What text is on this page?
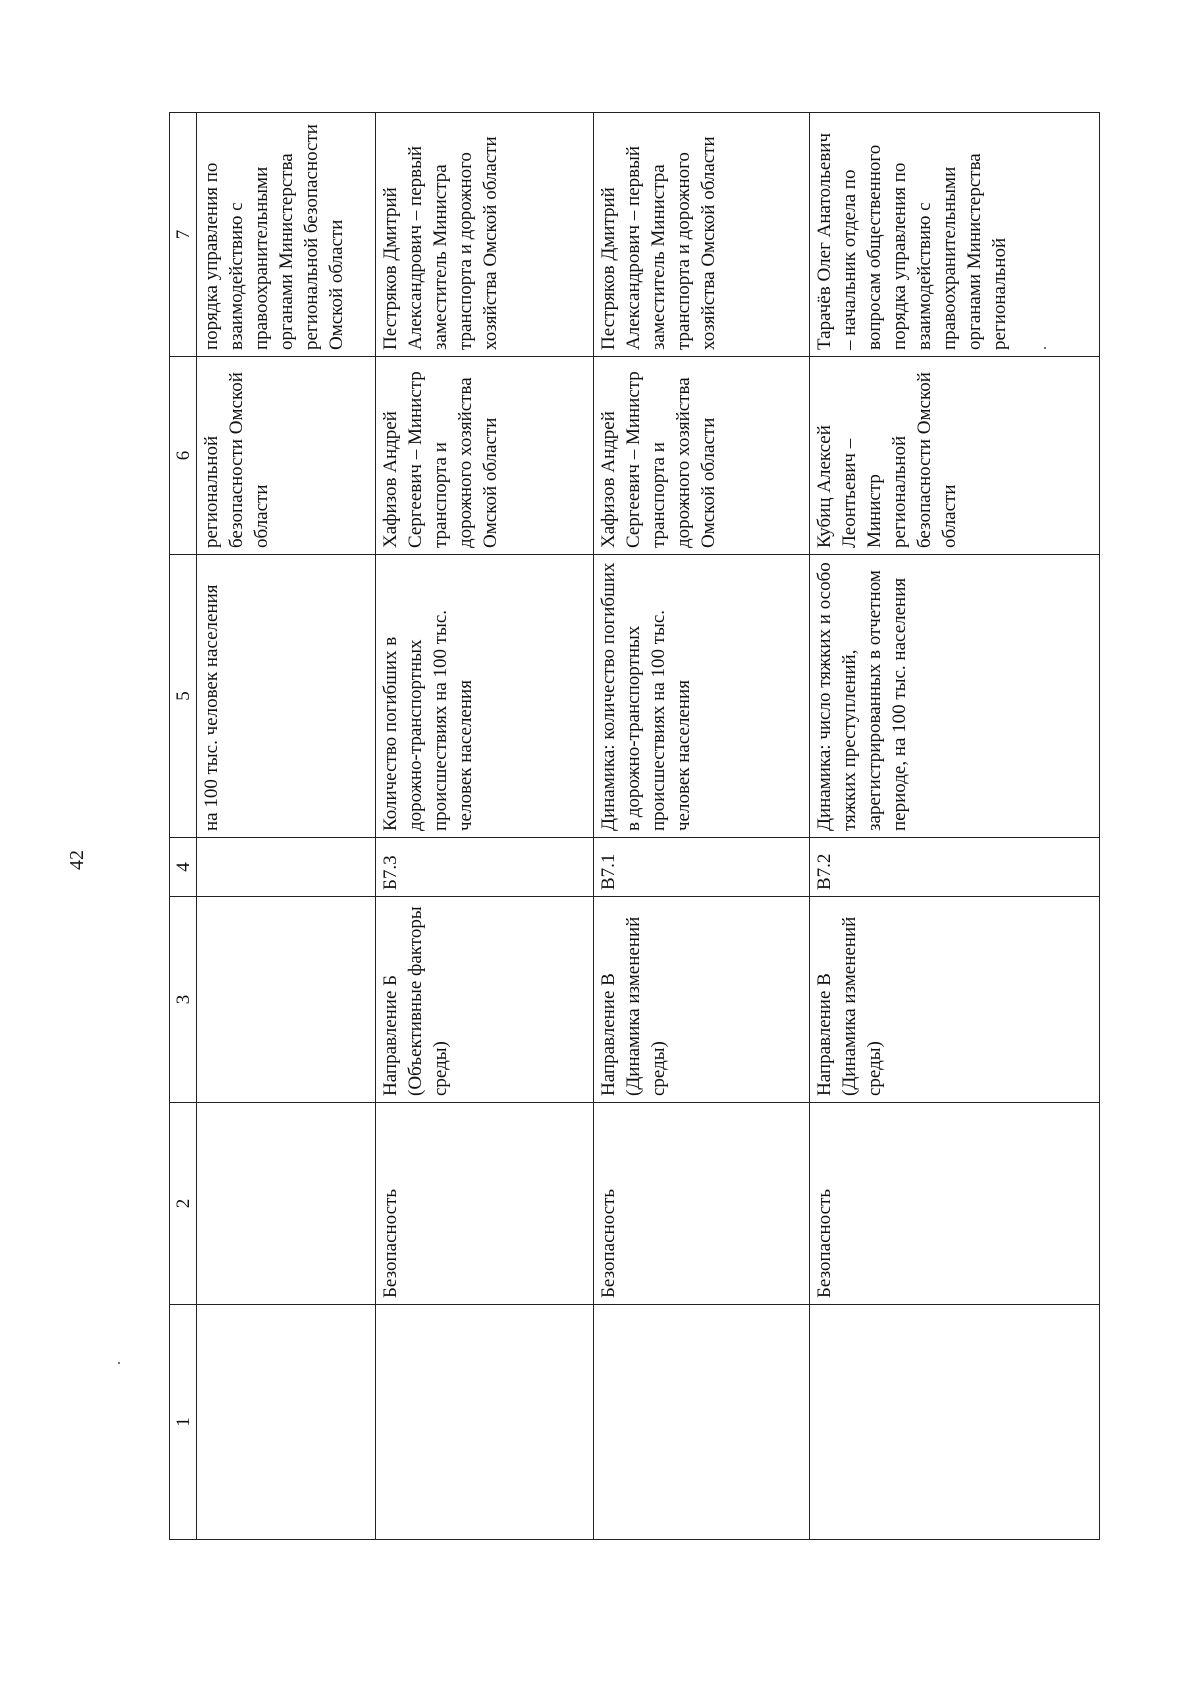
42
1	2	3	4	5	6	7
				на 100 тыс. человек населения	региональной безопасности Омской области	порядка управления по взаимодействию с правоохранительными органами Министерства региональной безопасности Омской области
	Безопасность	Направление Б (Объективные факторы среды)	Б7.3	Количество погибших в дорожно-транспортных происшествиях на 100 тыс. человек населения	Хафизов Андрей Сергеевич – Министр транспорта и дорожного хозяйства Омской области	Пестряков Дмитрий Александрович – первый заместитель Министра транспорта и дорожного хозяйства Омской области
	Безопасность	Направление В (Динамика изменений среды)	В7.1	Динамика: количество погибших в дорожно-транспортных происшествиях на 100 тыс. человек населения	Хафизов Андрей Сергеевич – Министр транспорта и дорожного хозяйства Омской области	Пестряков Дмитрий Александрович – первый заместитель Министра транспорта и дорожного хозяйства Омской области
	Безопасность	Направление В (Динамика изменений среды)	В7.2	Динамика: число тяжких и особо тяжких преступлений, зарегистрированных в отчетном периоде, на 100 тыс. населения	Кубиц Алексей Леонтьевич – Министр региональной безопасности Омской области	Тарачёв Олег Анатольевич – начальник отдела по вопросам общественного порядка управления по взаимодействию с правоохранительными органами Министерства региональной
